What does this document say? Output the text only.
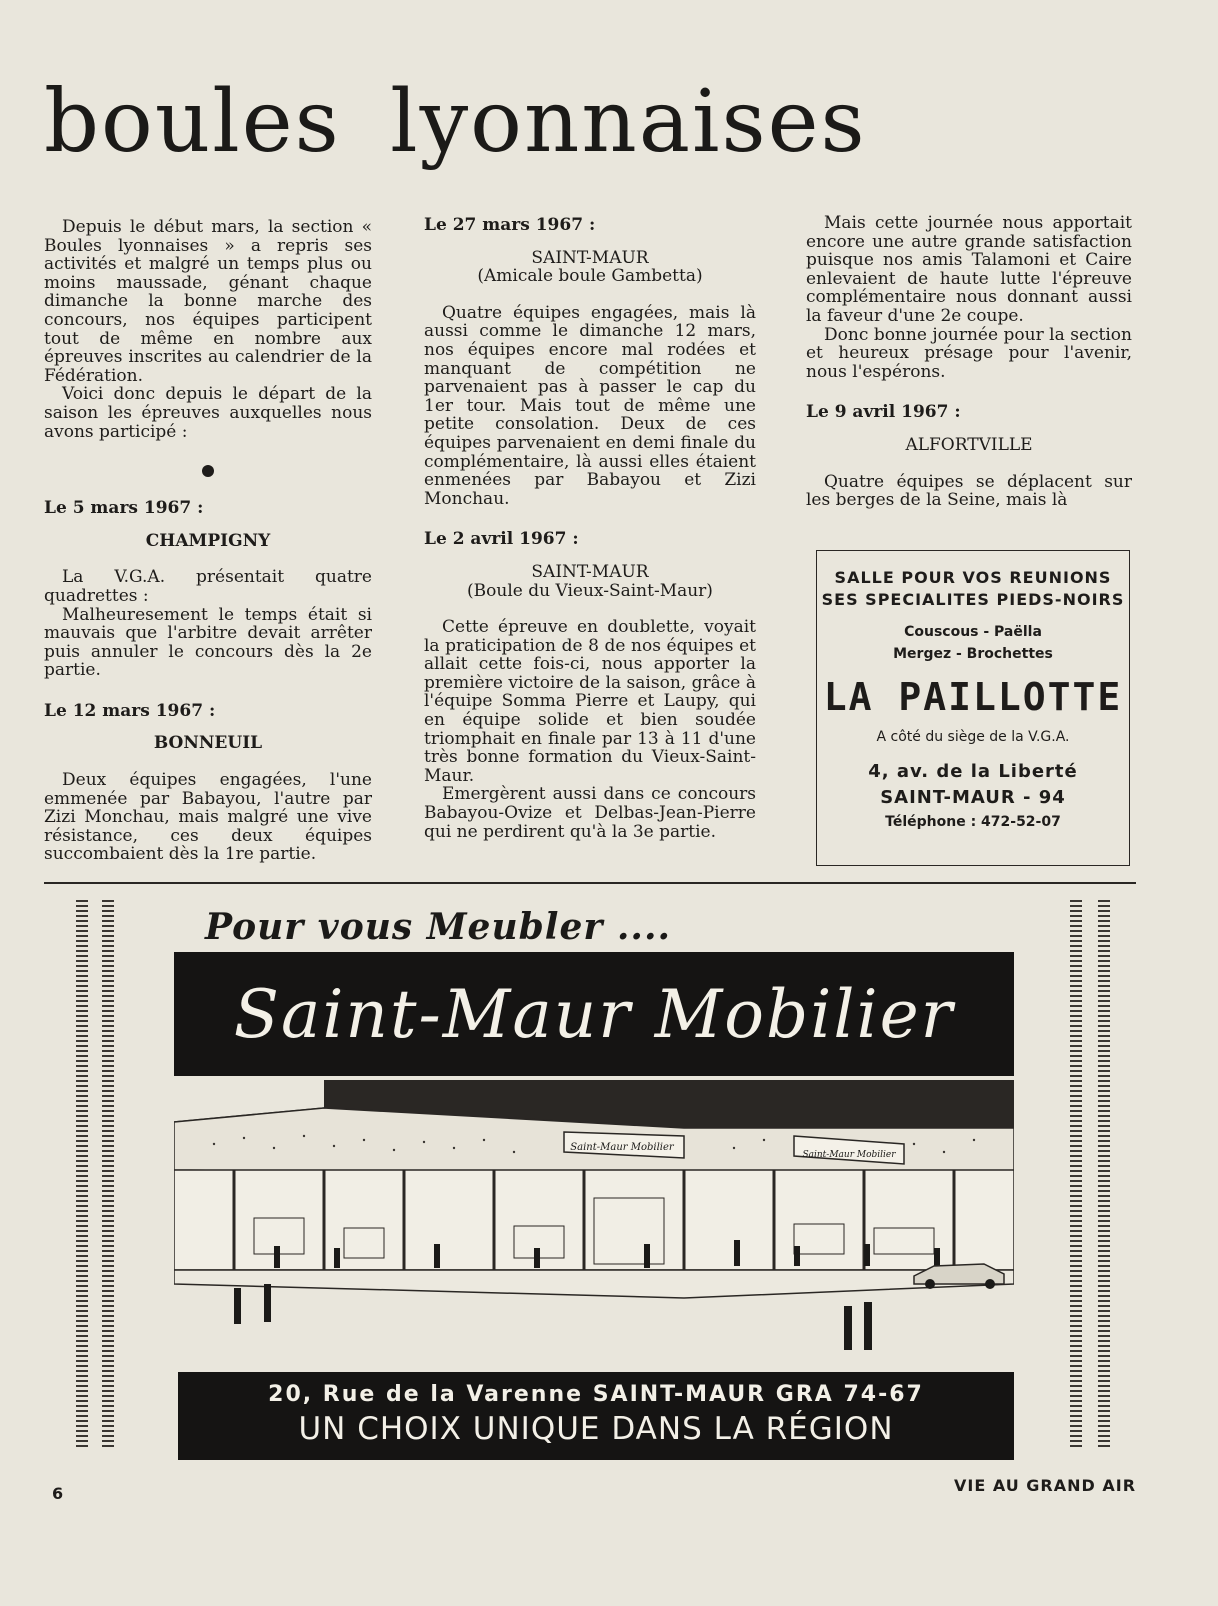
boules lyonnaises

Depuis le début mars, la section « Boules lyonnaises » a repris ses activités et malgré un temps plus ou moins maussade, génant chaque dimanche la bonne marche des concours, nos équipes participent tout de même en nombre aux épreuves inscrites au calendrier de la Fédération.

Voici donc depuis le départ de la saison les épreuves auxquelles nous avons participé :

Le 5 mars 1967 :

CHAMPIGNY

La V.G.A. présentait quatre quadrettes :

Malheuresement le temps était si mauvais que l'arbitre devait arrêter puis annuler le concours dès la 2e partie.

Le 12 mars 1967 :

BONNEUIL

Deux équipes engagées, l'une emmenée par Babayou, l'autre par Zizi Monchau, mais malgré une vive résistance, ces deux équipes succombaient dès la 1re partie.

Le 27 mars 1967 :

SAINT-MAUR

(Amicale boule Gambetta)

Quatre équipes engagées, mais là aussi comme le dimanche 12 mars, nos équipes encore mal rodées et manquant de compétition ne parvenaient pas à passer le cap du 1er tour. Mais tout de même une petite consolation. Deux de ces équipes parvenaient en demi finale du complémentaire, là aussi elles étaient enmenées par Babayou et Zizi Monchau.

Le 2 avril 1967 :

SAINT-MAUR

(Boule du Vieux-Saint-Maur)

Cette épreuve en doublette, voyait la praticipation de 8 de nos équipes et allait cette fois-ci, nous apporter la première victoire de la saison, grâce à l'équipe Somma Pierre et Laupy, qui en équipe solide et bien soudée triomphait en finale par 13 à 11 d'une très bonne formation du Vieux-Saint-Maur.

Emergèrent aussi dans ce concours Babayou-Ovize et Delbas-Jean-Pierre qui ne perdirent qu'à la 3e partie.

Mais cette journée nous apportait encore une autre grande satisfaction puisque nos amis Talamoni et Caire enlevaient de haute lutte l'épreuve complémentaire nous donnant aussi la faveur d'une 2e coupe.

Donc bonne journée pour la section et heureux présage pour l'avenir, nous l'espérons.

Le 9 avril 1967 :

ALFORTVILLE

Quatre équipes se déplacent sur les berges de la Seine, mais là

SALLE POUR VOS REUNIONS
SES SPECIALITES PIEDS-NOIRS
Couscous - Paëlla
Mergez - Brochettes
LA PAILLOTTE
A côté du siège de la V.G.A.
4, av. de la Liberté
SAINT-MAUR - 94
Téléphone : 472-52-07
Pour vous Meubler ....
Saint-Maur Mobilier
Saint-Maur Mobilier
Saint-Maur Mobilier
20, Rue de la Varenne SAINT-MAUR GRA 74-67
UN CHOIX UNIQUE DANS LA RÉGION
6	VIE AU GRAND AIR
